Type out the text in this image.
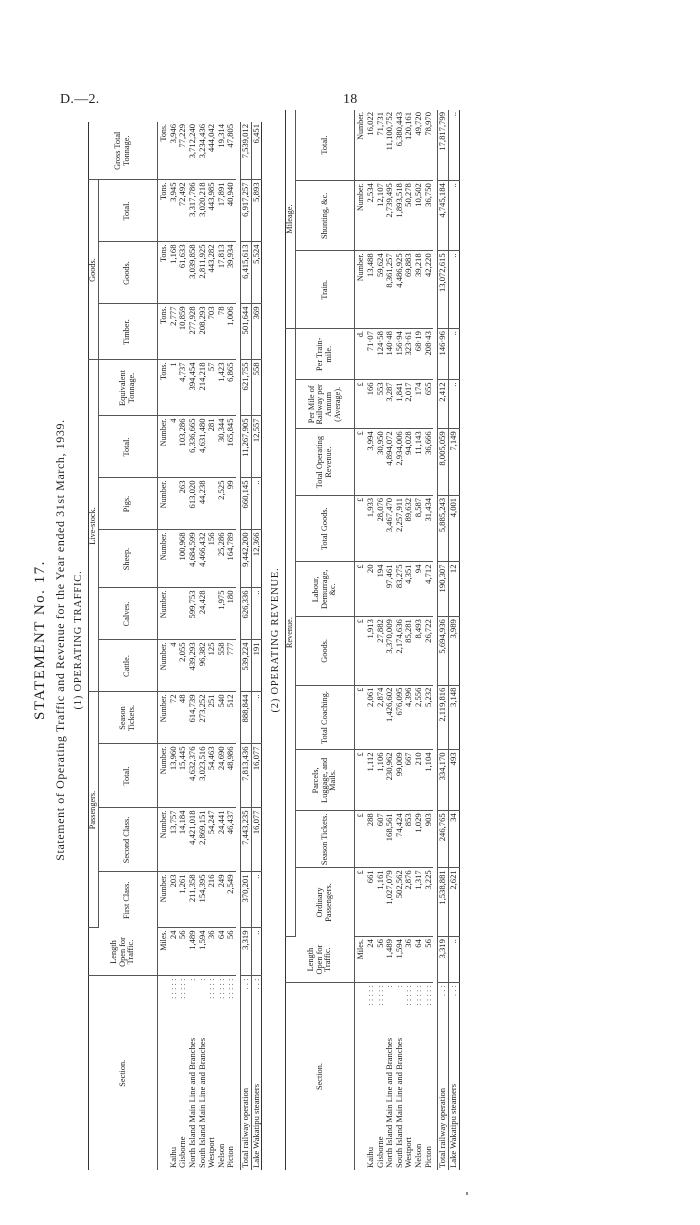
D.—2.	18
STATEMENT No. 17. Statement of Operating Traffic and Revenue for the Year ended 31st March, 1939. (1) OPERATING TRAFFIC.
Section.	Length Open for Traffic.	Passengers.				Live-stock.						Goods.			Gross Total Tonnage.
		First Class.	Second Class.	Total.	Season Tickets.	Cattle.	Calves.	Sheep.	Pigs.	Total.	Equivalent Tonnage.	Timber.	Goods.	Total.	
	Miles.	Number.	Number.	Number.	Number.	Number.	Number.	Number.	Number.	Number.	Tons.	Tons.	Tons.	Tons.	Tons.
Kaihu
: : : : :	24	203	13,757	13,960	72	4				4	1	2,777	1,168	3,945	3,946
Gisborne
: : : : :	56	1,261	14,184	15,445	48	2,055		100,968	263	103,286	4,737	10,859	61,633	72,492	77,229
North Island Main Line and Branches
:	1,489	211,358	4,421,018	4,632,376	614,739	439,293	599,753	4,684,599	613,020	6,336,665	394,454	277,928	3,039,858	3,317,786	3,712,240
South Island Main Line and Branches
:	1,594	154,395	2,869,151	3,023,516	273,252	96,382	24,428	4,466,432	44,238	4,631,480	214,218	208,293	2,811,925	3,020,218	3,234,436
Westport
: : : : :	36	216	54,247	54,463	251	125		156		281	57	703	443,282	443,985	444,042
Nelson
: : : : :	64	249	24,441	24,690	540	558	1,975	25,286	2,525	30,344	1,423	78	17,813	17,891	19,314
Picton
: : : : :	56	2,549	46,437	48,986	512	777	180	164,789	99	165,845	6,865	1,006	39,934	40,940	47,805

Total railway operation
. . :	3,319	370,201	7,443,235	7,813,436	888,844	539,224	626,336	9,442,200	660,145	11,267,905	621,755	501,644	6,415,613	6,917,257	7,539,012
Lake Wakatipu steamers
. . :	..	..	16,077	16,077	..	191	..	12,366	..	12,557	558	369	5,524	5,893	6,451
(2) OPERATING REVENUE.
Section.	Length Open for Traffic.	Revenue.										Mileage.		
		Ordinary Passengers.	Season Tickets.	Parcels, Luggage, and Mails.	Total Coaching.	Goods.	Labour, Demurrage, &c.	Total Goods.	Total Operating Revenue.	Per Mile of Railway per Annum (Average).	Per Train-mile.	Train.	Shunting, &c.	Total.
	Miles.	£	£	£	£	£	£	£	£	£	d.	Number.	Number.	Number.
Kaihu
: : : : :	24	661	288	1,112	2,061	1,913	20	1,933	3,994	166	71·07	13,488	2,534	16,022
Gisborne
: : : : :	56	1,161	607	1,106	2,874	27,882	194	28,076	30,950	553	124·58	59,624	12,107	71,731
North Island Main Line and Branches
:	1,489	1,027,079	168,561	230,962	1,426,602	3,370,009	97,461	3,467,470	4,894,072	3,287	140·48	8,361,257	2,739,495	11,100,752
South Island Main Line and Branches
:	1,594	502,562	74,424	99,009	676,095	2,174,636	83,275	2,257,911	2,934,006	1,841	156·94	4,486,925	1,893,518	6,380,443
Westport
: : : : :	36	2,876	853	667	4,396	85,281	4,351	89,632	94,028	2,017	323·61	69,883	50,278	120,161
Nelson
: : : : :	64	1,317	1,029	210	2,556	8,493	94	8,587	11,143	174	68·19	39,218	10,502	49,720
Picton
: : : : :	56	3,225	903	1,104	5,232	26,722	4,712	31,434	36,666	655	208·43	42,220	36,750	78,970

Total railway operation
. . :	3,319	1,538,881	246,765	334,170	2,119,816	5,694,936	190,307	5,885,243	8,005,059	2,412	146·96	13,072,615	4,745,184	17,817,799
Lake Wakatipu steamers
. . :	..	2,621	34	493	3,148	3,989	12	4,001	7,149	..	..	..	..	..
